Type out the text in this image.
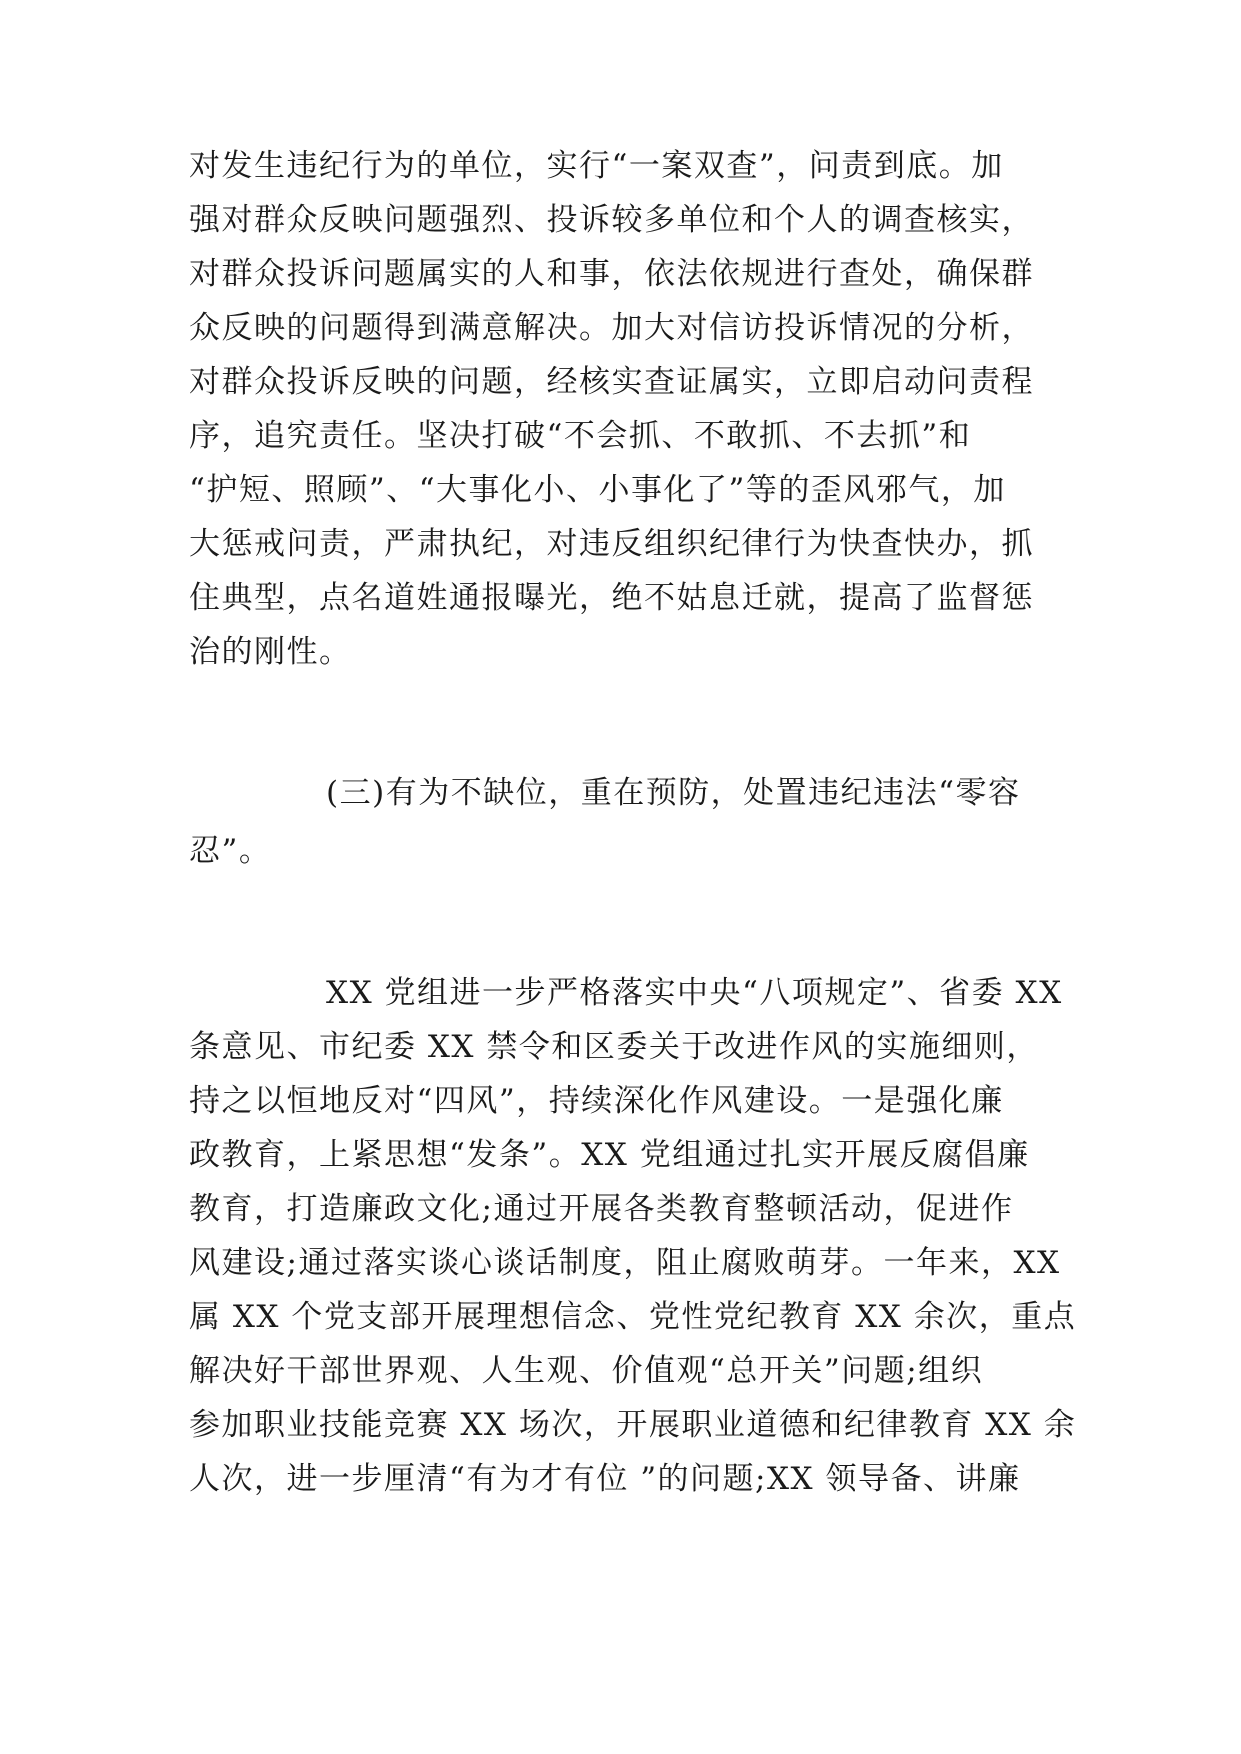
对发生违纪行为的单位，实行“一案双查”，问责到底。加
强对群众反映问题强烈、投诉较多单位和个人的调查核实，
对群众投诉问题属实的人和事，依法依规进行查处，确保群
众反映的问题得到满意解决。加大对信访投诉情况的分析，
对群众投诉反映的问题，经核实查证属实，立即启动问责程
序，追究责任。坚决打破“不会抓、不敢抓、不去抓”和
“护短、照顾”、“大事化小、小事化了”等的歪风邪气，加
大惩戒问责，严肃执纪，对违反组织纪律行为快查快办，抓
住典型，点名道姓通报曝光，绝不姑息迁就，提高了监督惩
治的刚性。
(三)有为不缺位，重在预防，处置违纪违法“零容
忍”。
XX 党组进一步严格落实中央“八项规定”、省委 XX
条意见、市纪委 XX 禁令和区委关于改进作风的实施细则，
持之以恒地反对“四风”，持续深化作风建设。一是强化廉
政教育，上紧思想“发条”。XX 党组通过扎实开展反腐倡廉
教育，打造廉政文化;通过开展各类教育整顿活动，促进作
风建设;通过落实谈心谈话制度，阻止腐败萌芽。一年来，XX
属 XX 个党支部开展理想信念、党性党纪教育 XX 余次，重点
解决好干部世界观、人生观、价值观“总开关”问题;组织
参加职业技能竞赛 XX 场次，开展职业道德和纪律教育 XX 余
人次，进一步厘清“有为才有位 ”的问题;XX 领导备、讲廉
